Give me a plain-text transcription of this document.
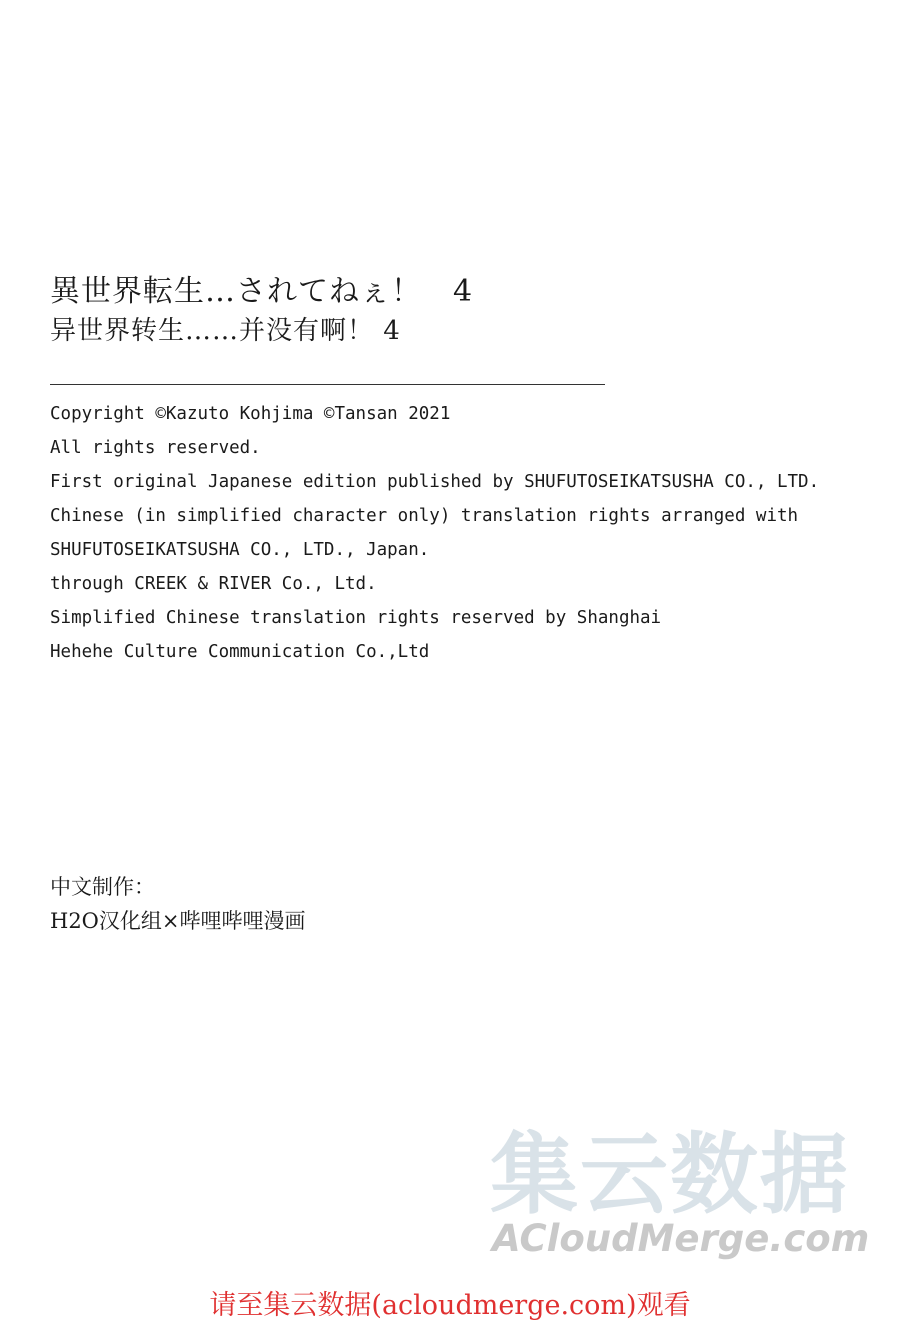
異世界転生…されてねぇ！　4
异世界转生……并没有啊！ 4
Copyright ©Kazuto Kohjima ©Tansan 2021
All rights reserved.
First original Japanese edition published by SHUFUTOSEIKATSUSHA CO., LTD.
Chinese (in simplified character only) translation rights arranged with
SHUFUTOSEIKATSUSHA CO., LTD., Japan.
through CREEK & RIVER Co., Ltd.
Simplified Chinese translation rights reserved by Shanghai
Hehehe Culture Communication Co.,Ltd
中文制作：
H2O汉化组×哔哩哔哩漫画
集云数据
ACloudMerge.com
请至集云数据(acloudmerge.com)观看
